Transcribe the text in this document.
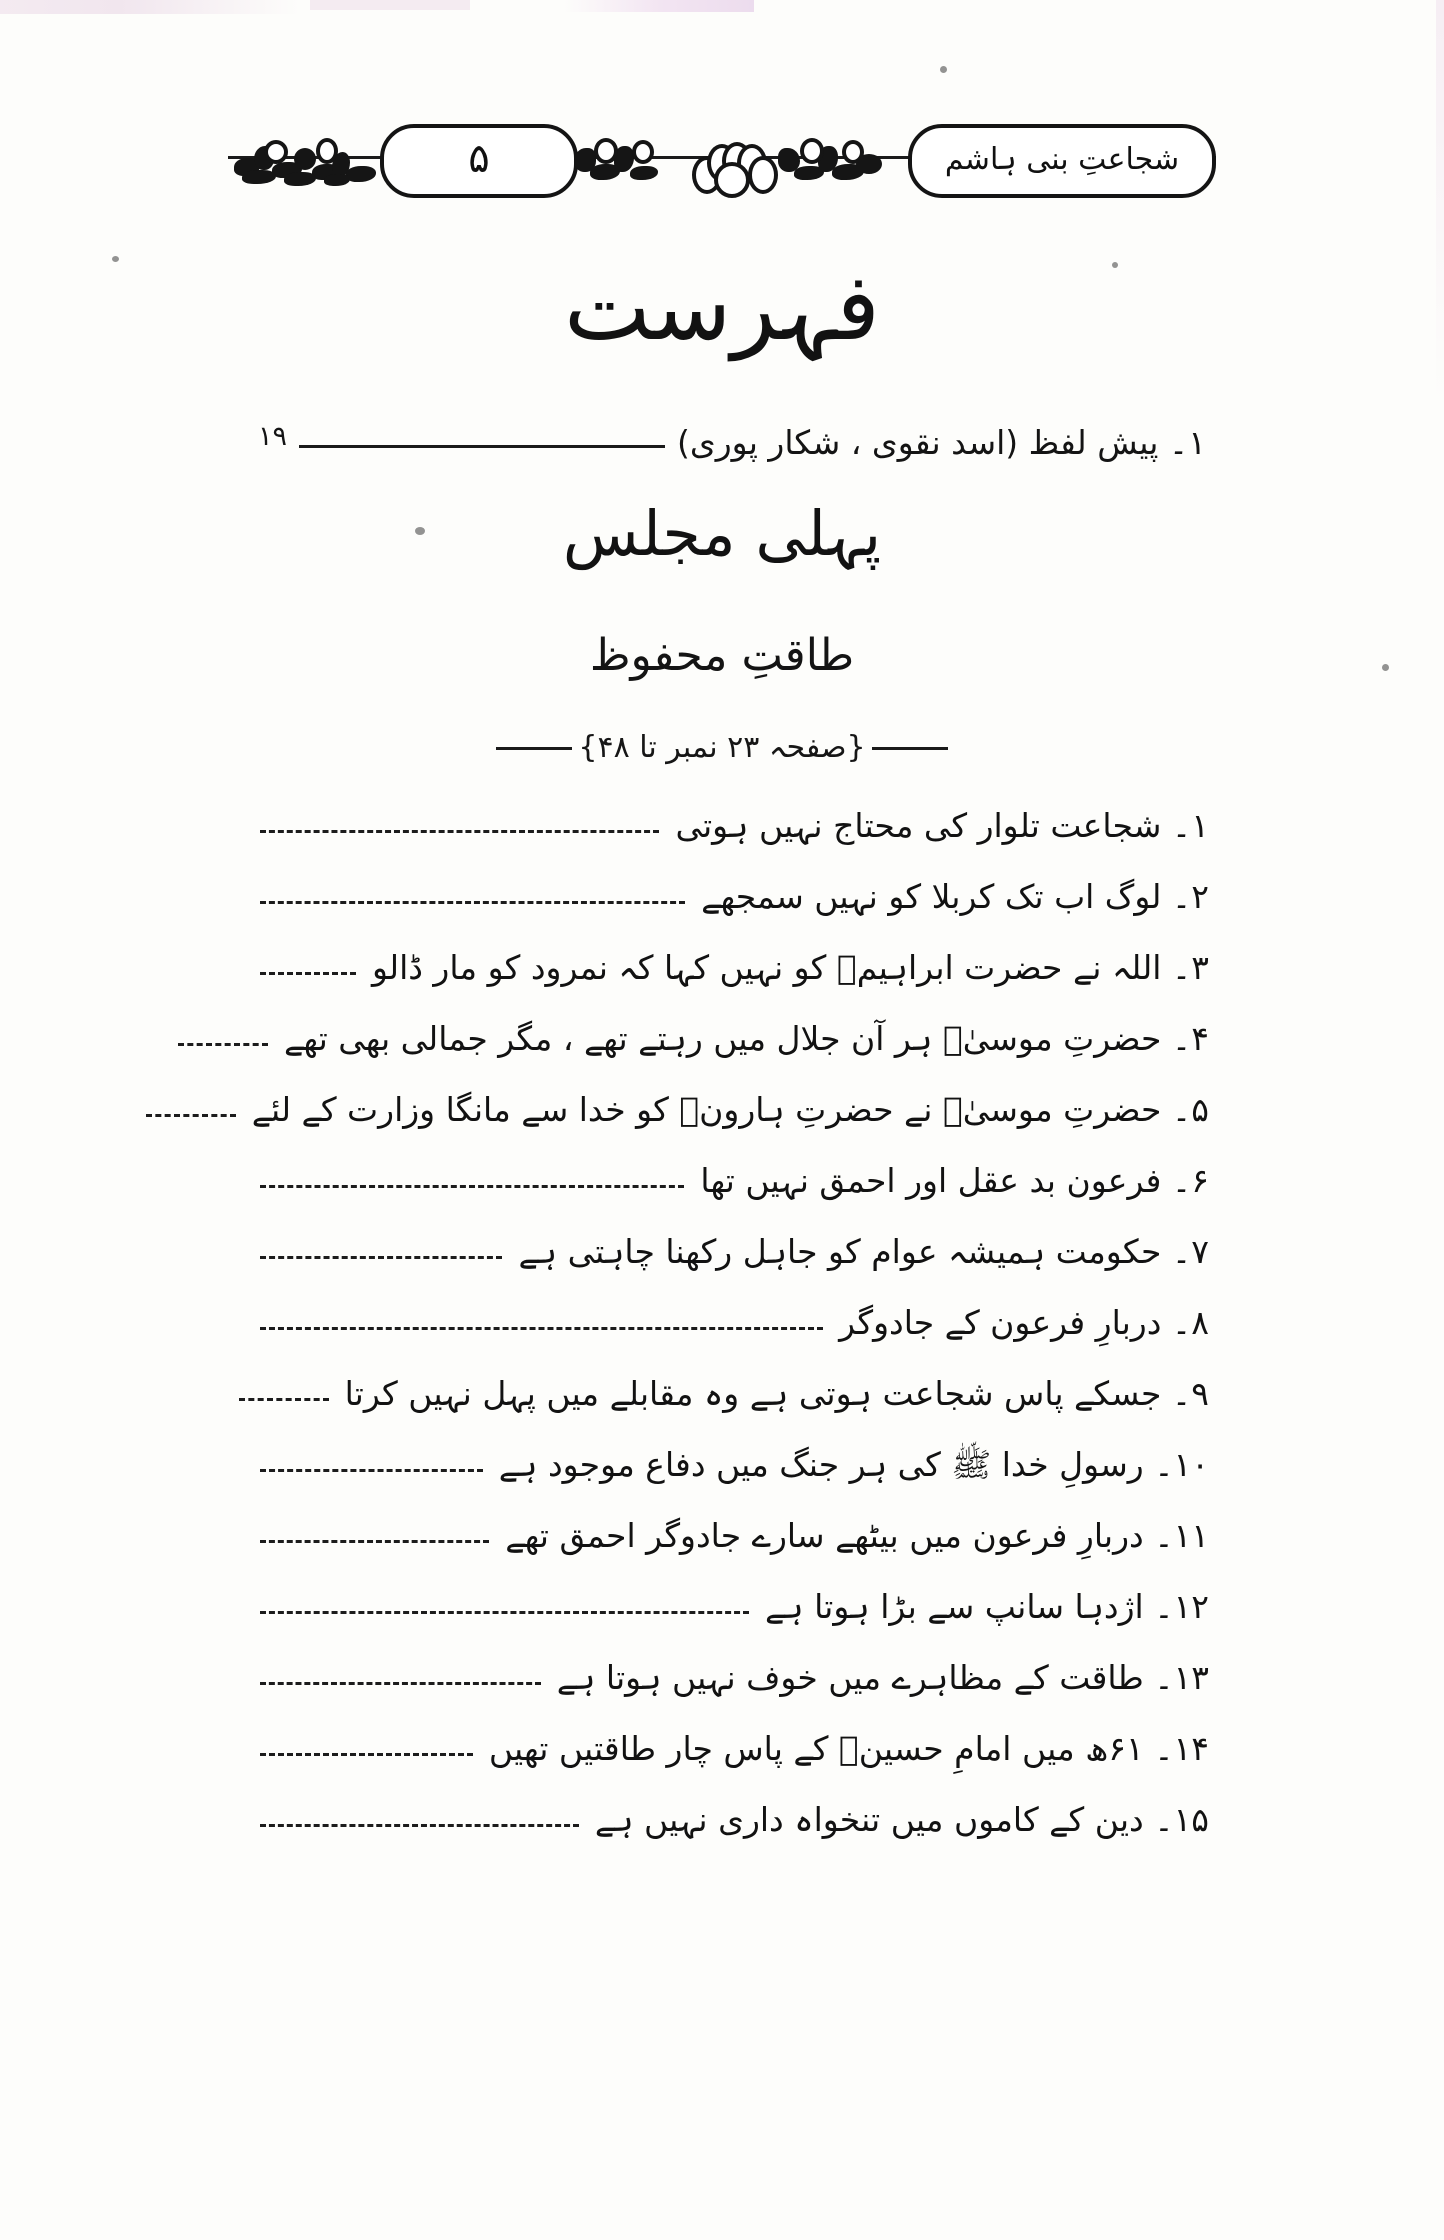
شجاعتِ بنی ہاشم
۵
فہرست
۱۔ پیش لفظ (اسد نقوی ، شکار پوری)
۱۹
پہلی مجلس
طاقتِ محفوظ
{صفحہ ۲۳ نمبر تا ۴۸}
۱۔ شجاعت تلوار کی محتاج نہیں ہوتی
۲۔ لوگ اب تک کربلا کو نہیں سمجھے
۳۔ اللہ نے حضرت ابراہیمؑ کو نہیں کہا کہ نمرود کو مار ڈالو
۴۔ حضرتِ موسیٰؑ ہر آن جلال میں رہتے تھے ، مگر جمالی بھی تھے
۵۔ حضرتِ موسیٰؑ نے حضرتِ ہارونؑ کو خدا سے مانگا وزارت کے لئے
۶۔ فرعون بد عقل اور احمق نہیں تھا
۷۔ حکومت ہمیشہ عوام کو جاہل رکھنا چاہتی ہے
۸۔ دربارِ فرعون کے جادوگر
۹۔ جسکے پاس شجاعت ہوتی ہے وہ مقابلے میں پہل نہیں کرتا
۱۰۔ رسولِ خدا ﷺ کی ہر جنگ میں دفاع موجود ہے
۱۱۔ دربارِ فرعون میں بیٹھے سارے جادوگر احمق تھے
۱۲۔ اژدہا سانپ سے بڑا ہوتا ہے
۱۳۔ طاقت کے مظاہرے میں خوف نہیں ہوتا ہے
۱۴۔ ۶۱ھ میں امامِ حسینؑ کے پاس چار طاقتیں تھیں
۱۵۔ دین کے کاموں میں تنخواہ داری نہیں ہے
